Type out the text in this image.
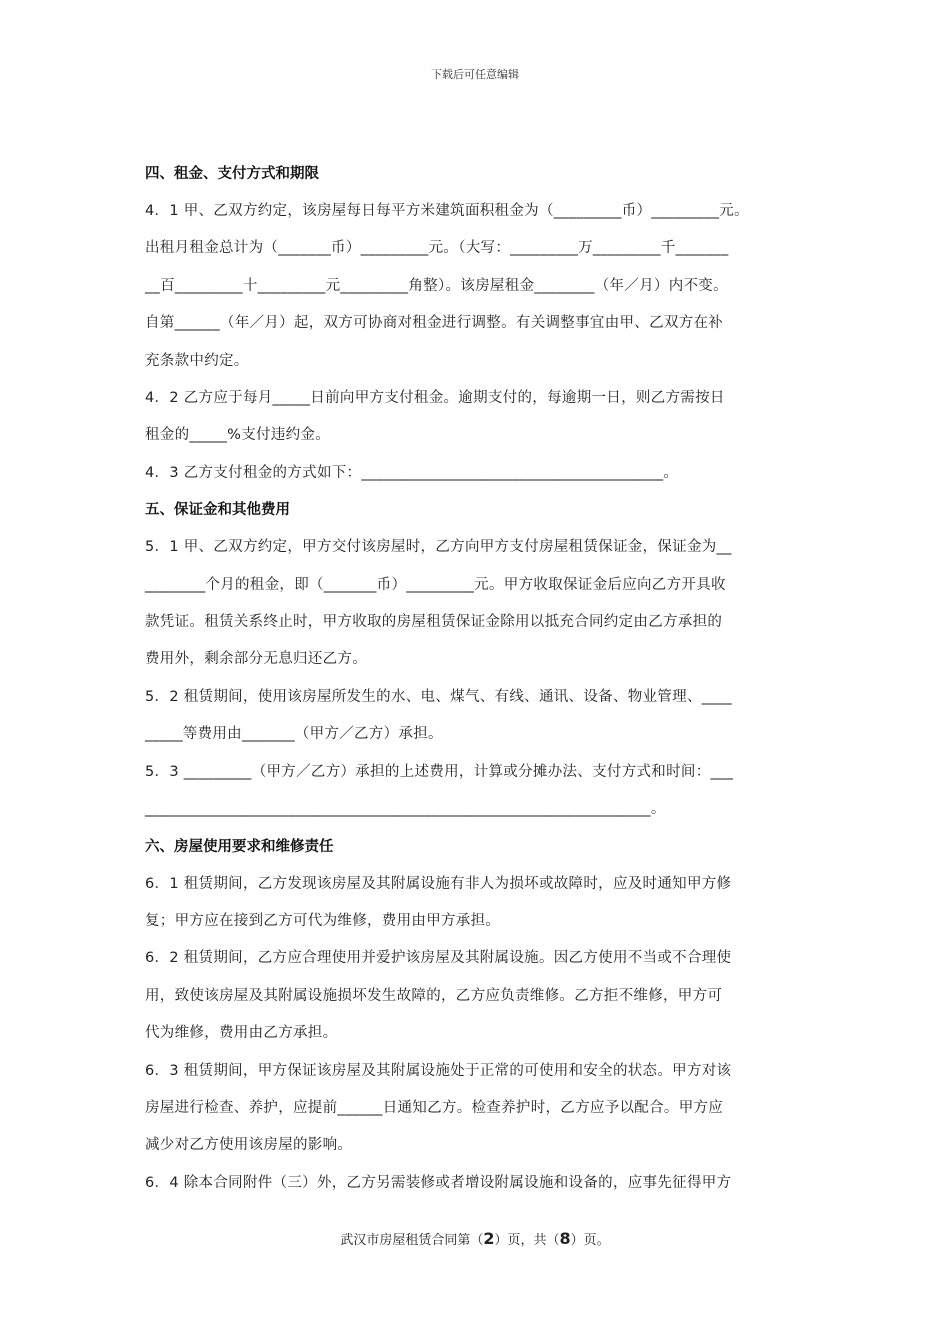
下载后可任意编辑

四、租金、支付方式和期限

4．1 甲、乙双方约定，该房屋每日每平方米建筑面积租金为（_________币）_________元。

出租月租金总计为（_______币）_________元。（大写：_________万_________千_______

__百_________十_________元_________角整）。该房屋租金________（年／月）内不变。

自第______（年／月）起，双方可协商对租金进行调整。有关调整事宜由甲、乙双方在补

充条款中约定。

4．2 乙方应于每月_____日前向甲方支付租金。逾期支付的，每逾期一日，则乙方需按日

租金的_____%支付违约金。

4．3 乙方支付租金的方式如下：________________________________________。

五、保证金和其他费用

5．1 甲、乙双方约定，甲方交付该房屋时，乙方向甲方支付房屋租赁保证金，保证金为__

________个月的租金，即（_______币）_________元。甲方收取保证金后应向乙方开具收

款凭证。租赁关系终止时，甲方收取的房屋租赁保证金除用以抵充合同约定由乙方承担的

费用外，剩余部分无息归还乙方。

5．2 租赁期间，使用该房屋所发生的水、电、煤气、有线、通讯、设备、物业管理、____

_____等费用由_______（甲方／乙方）承担。

5．3 _________（甲方／乙方）承担的上述费用，计算或分摊办法、支付方式和时间：___

___________________________________________________________________。

六、房屋使用要求和维修责任

6．1 租赁期间，乙方发现该房屋及其附属设施有非人为损坏或故障时，应及时通知甲方修

复；甲方应在接到乙方可代为维修，费用由甲方承担。

6．2 租赁期间，乙方应合理使用并爱护该房屋及其附属设施。因乙方使用不当或不合理使

用，致使该房屋及其附属设施损坏发生故障的，乙方应负责维修。乙方拒不维修，甲方可

代为维修，费用由乙方承担。

6．3 租赁期间，甲方保证该房屋及其附属设施处于正常的可使用和安全的状态。甲方对该

房屋进行检查、养护，应提前______日通知乙方。检查养护时，乙方应予以配合。甲方应

减少对乙方使用该房屋的影响。

6．4 除本合同附件（三）外，乙方另需装修或者增设附属设施和设备的，应事先征得甲方

武汉市房屋租赁合同第（2）页，共（8）页。
